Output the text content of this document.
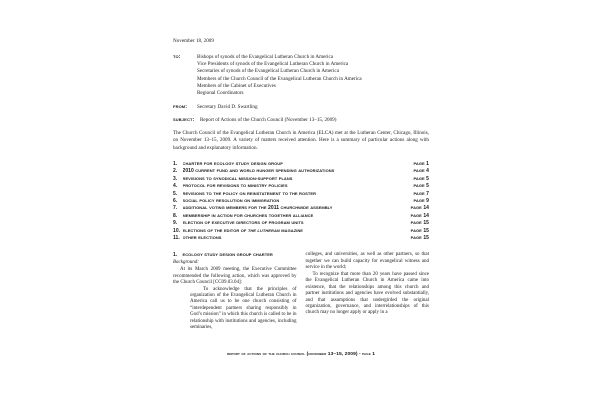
November 18, 2009
to:	Bishops of synods of the Evangelical Lutheran Church in America
Vice Presidents of synods of the Evangelical Lutheran Church in America
Secretaries of synods of the Evangelical Lutheran Church in America
Members of the Church Council of the Evangelical Lutheran Church in America
Members of the Cabinet of Executives
Regional Coordinators
from:	Secretary David D. Swartling
subject:	Report of Actions of the Church Council (November 13–15, 2009)
The Church Council of the Evangelical Lutheran Church in America (ELCA) met at the Lutheran Center, Chicago, Illinois, on November 13–15, 2009. A variety of matters received attention. Here is a summary of particular actions along with background and explanatory information.
1.	charter for ecology study design group	page 1
2.	2010 current fund and world hunger spending authorizations	page 4
3.	revisions to synodical mission-support plans	page 5
4.	protocol for revisions to ministry policies	page 5
5.	revisions to the policy on reinstatement to the roster	page 7
6.	social policy resolution on immigration	page 9
7.	additional voting members for the 2011 churchwide assembly	page 14
8.	membership in action for churches together alliance	page 14
9.	election of executive directors of program units	page 15
10. elections of the editor of the lutheran magazine	page 15
11. other elections	page 15
1.	ecology study design group charter
Background:
At its March 2009 meeting, the Executive Committee recommended the following action, which was approved by the Church Council [CC09.03.04]:
To acknowledge that the principles of organization of the Evangelical Lutheran Church in America call us to be one church consisting of “interdependent partners sharing responsibly in God’s mission” in which this church is called to be in relationship with institutions and agencies, including seminaries,
colleges, and universities, as well as other partners, so that together we can build capacity for evangelical witness and service in the world;
To recognize that more than 20 years have passed since the Evangelical Lutheran Church in America came into existence, that the relationships among this church and partner institutions and agencies have evolved substantially, and that assumptions that undergirded the original organization, governance, and interrelationships of this church may no longer apply or apply in a
report of actions of the church council (november 13–15, 2009) - page 1
